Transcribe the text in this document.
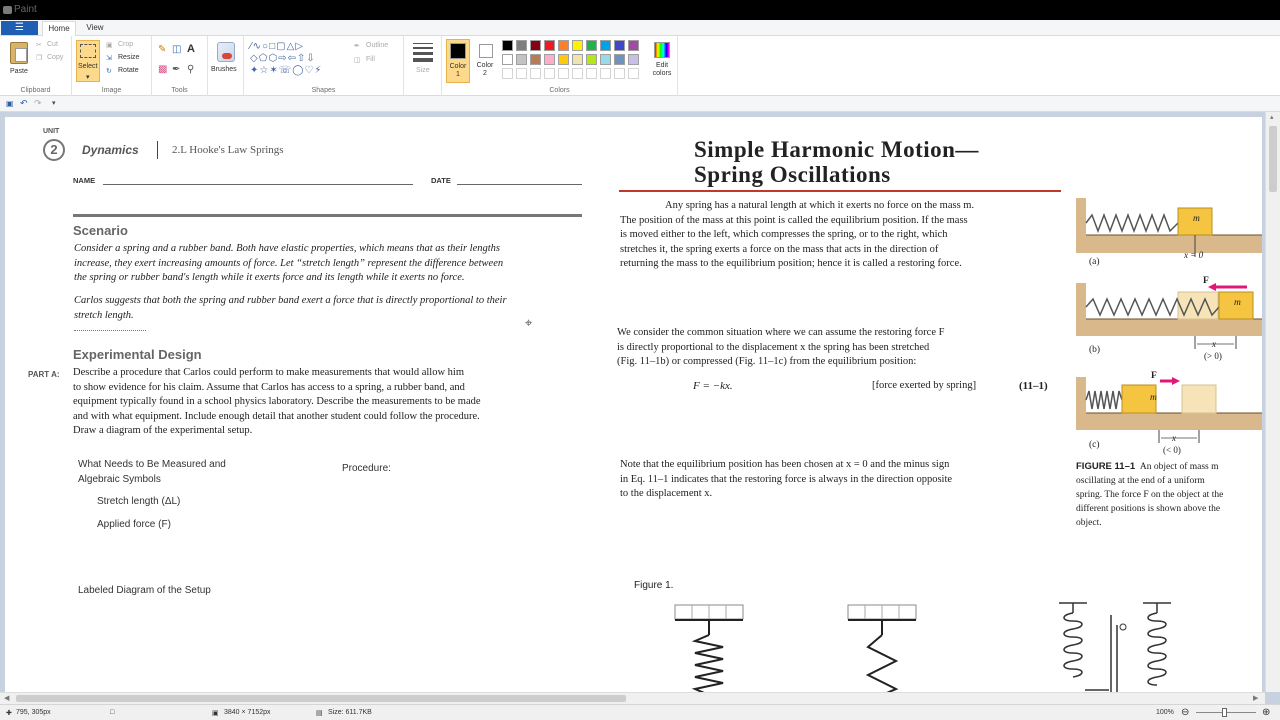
Paint
☰	Home	View
Paste
✂ Cut
❐ Copy
Clipboard
Select
▾
▣ Crop
⇲ Resize
↻ Rotate
Image
✎ ◫ A
▩ ✒ ⚲
Tools
Brushes
∕∿○□▢△▷
◇⬠⬡⇨⇦⇧⇩
✦☆✶☏◯♡⚡
✒ Outline
◫ Fill
Shapes
Size
Color 1
Color 2
Edit colors
Colors
▣ ↶ ↷ ▾
UNIT
2	Dynamics	2.L Hooke's Law Springs
NAME	DATE
Scenario
Consider a spring and a rubber band. Both have elastic properties, which means that as their lengths
increase, they exert increasing amounts of force. Let “stretch length” represent the difference between
the spring or rubber band's length while it exerts force and its length while it exerts no force.
Carlos suggests that both the spring and rubber band exert a force that is directly proportional to their
stretch length.
Experimental Design
PART A: Describe a procedure that Carlos could perform to make measurements that would allow him
to show evidence for his claim. Assume that Carlos has access to a spring, a rubber band, and
equipment typically found in a school physics laboratory. Describe the measurements to be made
and with what equipment. Include enough detail that another student could follow the procedure.
Draw a diagram of the experimental setup.
What Needs to Be Measured and
Algebraic Symbols
Procedure:
Stretch length (ΔL)
Applied force (F)
Labeled Diagram of the Setup
⌖
Simple Harmonic Motion—
Spring Oscillations
Any spring has a natural length at which it exerts no force on the mass m.
The position of the mass at this point is called the equilibrium position. If the mass
is moved either to the left, which compresses the spring, or to the right, which
stretches it, the spring exerts a force on the mass that acts in the direction of
returning the mass to the equilibrium position; hence it is called a restoring force.
We consider the common situation where we can assume the restoring force F
is directly proportional to the displacement x the spring has been stretched
(Fig. 11–1b) or compressed (Fig. 11–1c) from the equilibrium position:
F = −kx.	[force exerted by spring]	(11–1)
Note that the equilibrium position has been chosen at x = 0 and the minus sign
in Eq. 11–1 indicates that the restoring force is always in the direction opposite
to the displacement x.
m
m
m
(a)
(b)
(c)
x = 0
x
(> 0)
x
(< 0)
F
F
FIGURE 11–1 An object of mass m
oscillating at the end of a uniform
spring. The force F on the object at the
different positions is shown above the
object.
Figure 1.
▴
◀	▶
✚ 795, 305px	□	▣ 3840 × 7152px	▤ Size: 611.7KB	100% ⊖	⊕
